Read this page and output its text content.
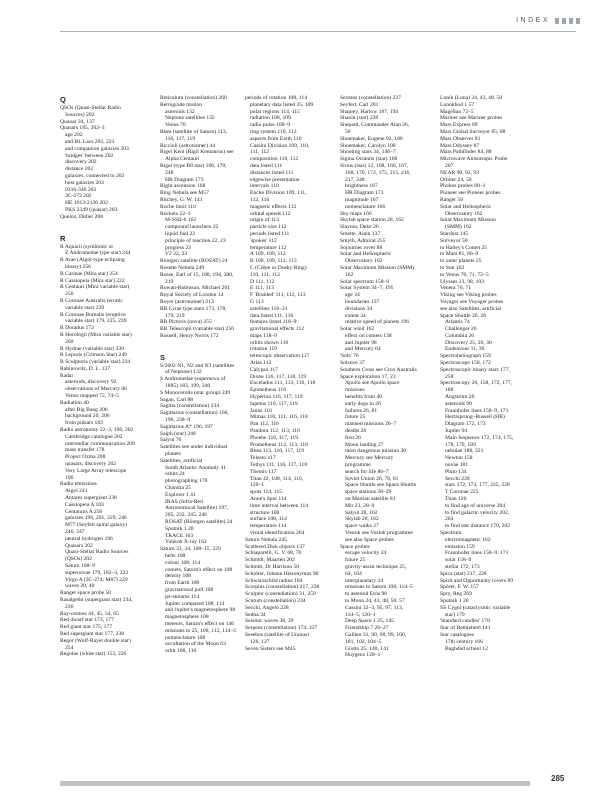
INDEX
Q
QSOs (Quasi-Stellar Radio
Sources) 202
Quaoar 34, 137
Quasars 185, 202–3
age 202
and BL Lacs 202, 223
and companion galaxies 203
'bridges' between 202
discovery 202
distance 202
galaxies, connected to 202
host galaxies 203
0316-346 203
3C-273 202
HE 1013-2136 202
PKS 2349 (quasar) 203
Queloz, Didier 208
R
R Aquarii (symbiotic or
Z Andromedae type star) 244
R Arae (Algol-type eclipsing
binary) 256
R Carinae (Mira star) 254
R Cassiopeia (Mira star) 222
R Centauri (Mira variable star)
256
R Coronae Australis (erratic
variable star) 239
R Coronae Borealis (eruptive
variable star) 179, 225, 239
R Doradus 172
R Horologii (Mira variable star)
260
R Hydrae (variable star) 230
R Leporis (Crimson Star) 249
R Sculptoris (variable star) 234
Rabinowitz, D. L. 137
Radar
asteroids, discovery 92
observations of Mercury 66
Venus mapped 72, 74–5
Radiation 40
after Big Bang 206
background 20, 206
from pulsars 183
Radio astronomy 22–3, 196, 202
Cambridge catalogue 202
interstellar communication 208
mass transfer 178
Project Ozma 208
quasars, discovery 202
Very Large Array telescope
196
Radio emissions
Algol 241
Antares supergiant 238
Cassiopeia A 183
Centaurus A 256
galaxies 196, 201, 229, 246
M77 (Seyfert spiral galaxy)
246, 247
neutral hydrogen 196
Quasars 202
Quasi-Stellar Radio Sources
(QSOs) 202
Saturn 108–9
supernovae 179, 182–3, 222
Virgo A (3C-274; M87) 229
waves 20, 40
Ranger space probe 50
Rasalgethi (supergiant star) 234,
236
Ray-centres 44, 45, 54, 65
Red dwarf star 173, 177
Red giant star 175, 177
Red supergiant star 177, 238
Regor (Wolf-Rayet double star)
254
Regulus (white star) 153, 226
Reticulum (constellation) 260
Retrograde motion
asteroids 132
Neptune satellites 132
Venus 70
Rhea (satellite of Saturn) 113,
116, 117, 119
Riccioli (astronomer) 44
Rigel Kent (Rigil Kentaurus) see
Alpha Centauri
Rigel (type B8 star) 166, 170,
248
HR Diagram 173
Right ascension 168
Ring Nebula see M57
Ritchey, G. W. 141
Roche limit 110
Rockets 22–3
M-SSII-6 162
compound launchers 22
liquid fuel 22
principle of reaction 22, 23
progress 23
V2 22, 23
Röntgen satellite (ROSAT) 24
Rosette Nebula 249
Rosse, Earl of 15, 188, 194, 200,
219
Rowan-Robinson, Michael 201
Royal Society of London 14
Royer (astronomer) 213
RR Lyrae type stars 173, 178,
179, 219
RR Pictoris (nova) 255
RR Telescopii (variable star) 256
Russell, Henry Norris 172
S
S/2002 N1, N2 and N3 (satellites
of Neptune) 132
S Andromedae (supernova of
1885) 183, 199, 240
S Monocerotis (star group) 249
Sagan, Carl 88
Sagitta (constellation) 234
Sagittarius (constellation) 166,
196, 238–9
Sagittarius A* 196, 197
Saiph (star) 248
Salyut 76
Satellites see under individual
planets
Satellites, artificial
South Atlantic Anomaly 41
orbits 24
photographing 170
Chandra 25
Explorer 1 41
IRAS (Infra-Red
Astronomical Satellite) 197,
205, 232, 245, 246
ROSAT (Röntgen satellite) 24
Sputnik 1 20
TRACE 163
Yohkoh X-ray 162
Saturn 33, 34, 108–15, 229
belts 108
colour 108, 114
comets, Saturn's effect on 108
density 108
from Earth 108
gravitational pull 108
jet-streams 114
Jupiter compared 108, 114
and Jupiter's magnetosphere 98
magnetosphere 108
meteors, Saturn's effect on 146
missions to 25, 108, 112, 114–5
nomenclature 108
occultation of the Moon 63
orbit 108, 110
periods of rotation 108, 114
planetary data listed 35, 109
polar regions 114, 115
radiation 108, 109
radio pulse 108–9
ring system 110, 113
aspects from Earth 110
Cassini Division 109, 110,
111, 112
composition 110, 112
data listed 111
distances listed 111
edgewise presentation
intervals 110
Encke Division 109, 111,
112, 116
magnetic effects 112
orbital speeds 112
origin of 113
particle size 112
periods listed 111
'spokes' 112
temperature 112
A 109, 109, 112
B 108, 109, 112, 113
C (Crêpe or Dusky Ring)
110, 111, 112
D 111, 112
E 111, 113
F 'Braided' 111, 112, 113
G 113
satellites 116–21
data listed 111, 116
features listed 118–9
gravitational effects 112
maps 118–9
orbits shown 116
rotation 119
telescopic observation 117
Atlas 112
Calypso 117
Dione 116, 117, 118, 119
Enceladus 111, 113, 116, 118
Epimetheus 116
Hyperion 116, 117, 119
Iapetus 116, 117, 119
Janus 116
Mimas 110, 111, 116, 118
Pan 112, 116
Pandora 112, 113, 116
Phoebe 116, 117, 119
Prometheus 112, 113, 116
Rhea 113, 116, 117, 119
Telesto 117
Tethys 111, 116, 117, 118
Themis 117
Titan 42, 108, 114, 116,
120–1
spots 114, 115
Anne's Spot 114
time interval between 114
structure 108
surface 108, 114
temperature 114
visual identification 264
Saturn Nebula 245
Scattered Disk objects 137
Schiaparelli, G. V. 68, 76
Schmidt, Maarten 202
Schmitt, Dr Harrison 50
Schröter, Johann Hieronymus 90
Schwarzschild radius 184
Scorpius (constellation) 217, 238
Sculptor (constellation) 31, 259
Scutum (constellation) 234
Secchi, Angelo 228
Sedna 34
Seismic waves 38, 39
Serpens (constellation) 174, 237
Sesebos (satellite of Uranus)
126, 127
Seven Sisters see M45
Sextans (constellation) 227
Seyfert, Carl 201
Shapley, Harlow 187, 194
Shaula (star) 238
Shepard, Commander Alan 26,
50
Shoemaker, Eugene 92, 100
Shoemaker, Carolyn 100
Shooting stars 34, 146–7
Sigma Octantis (star) 168
Sirius (star) 12, 108, 166, 167,
168, 170, 172, 175, 215, 216,
217, 248
brightness 167
HR Diagram 173
magnitude 167
nomenclature 166
Sky maps 166
Skylab space station 28, 162
Slayton, Deke 26
Smette, Alain 137
Smyth, Admiral 255
Sojourner rover 88
Solar and Heliospheric
Observatory 162
Solar Maximum Mission (SMM)
162
Solar spectrum 158–9
Solar System 34–7, 195
age 34
boundaries 137
divisions 34
extent 34
relative speed of planets 196
Solar wind 162
effect on comets 138
and Jupiter 98
and Mercury 64
'Sols' 76
Solstice 37
Southern Cross see Crux Australis
Space exploration 17, 23
Apollo see Apollo space
missions
benefits from 40
early dogs in 26
failures 26, 81
future 25
manned missions 26–7
deaths 26
first 26
Moon landing 27
most dangerous mission 30
Mercury see Mercury
programme
search for life 86–7
Soviet Union 26, 78, 81
Space Shuttle see Space Shuttle
space stations 28–29
on Martian satellite 81
Mir 23, 28–9
Salyut 28, 162
Skylab 28, 162
space walks 27
Vostok see Vostok programme
see also Space probes
Space probes
escape velocity 24
future 25
gravity-assist technique 25,
64, 164
interplanetary 24
missions to Saturn 108, 114–5
to asteroid Eros 90
to Moon 24, 43, 48, 50, 57
Cassini 32–3, 95, 97, 113,
114–5, 120–1
Deep Space 1 25, 145
Friendship 7 26–27
Galileo 31, 90, 98, 99, 100,
101, 102, 104–5
Giotto 25, 140, 141
Huygens 120–1
Lunik (Luna) 24, 43, 48, 50
Lunokhod 1 57
Magellan 72–5
Mariner see Mariner probes
Mars Express 89
Mars Global Surveyor 85, 88
Mars Observer 81
Mars Odyssey 87
Mars Pathfinder 84, 88
Microwave Anisotropic Probe
207
NEAR 90, 92, 93
Orbiter 24, 50
Phobos probes 80–1
Pioneer see Pioneer probes
Ranger 50
Solar and Heliospheric
Observatory 162
Solar Maximum Mission
(SMM) 162
Stardust 145
Surveyor 50
to Halley's Comet 25
to Mars 81, 86–9
to outer planets 25
to Sun 162
to Venus 70, 71, 72–5
Ulysses 23, 98, 103
Venera 70, 71
Viking see Viking probes
Voyager see Voyager probes
see also Satellites, artificial
Space Shuttle 26, 28
Atlantis 74
Challenger 26
Columbia 26
Discovery 25, 26, 30
Endeavour 11, 30
Spectroheliograph 159
Spectroscope 158, 172
Spectroscopic binary stars 177,
258
Spectroscopy 20, 158, 172, 177,
188
Ångström 20
asteroids 90
Fraunhofer lines 158–9, 171
Hertzsprung–Russell (HR)
Diagram 172, 173
Jupiter 94
Main Sequence 172, 174, 175,
178, 179, 189
nebulae 188, 221
Newton 158
novae 181
Pluto 134
Secchi 228
stars 172, 173, 177, 225, 228
T Coronae 225
Titan 120
to find age of universe 204
to find galactic velocity 202,
204
to find star distance 170, 202
Spectrum
electromagnetic 162
emission 159
Fraunhofer lines 158–9, 171
solar 158–9
stellar 172, 173
Spica (star) 217, 228
Spirit and Opportunity rovers 89
Spörer, F. W. 157
Spry, Reg 269
Sputnik 1 20
SS Cygni (cataclysmic variable
star) 179
'Standard candles' 178
Star of Bethlehem 141
Star catalogues
17th century 166
Baghdad school 12
285
